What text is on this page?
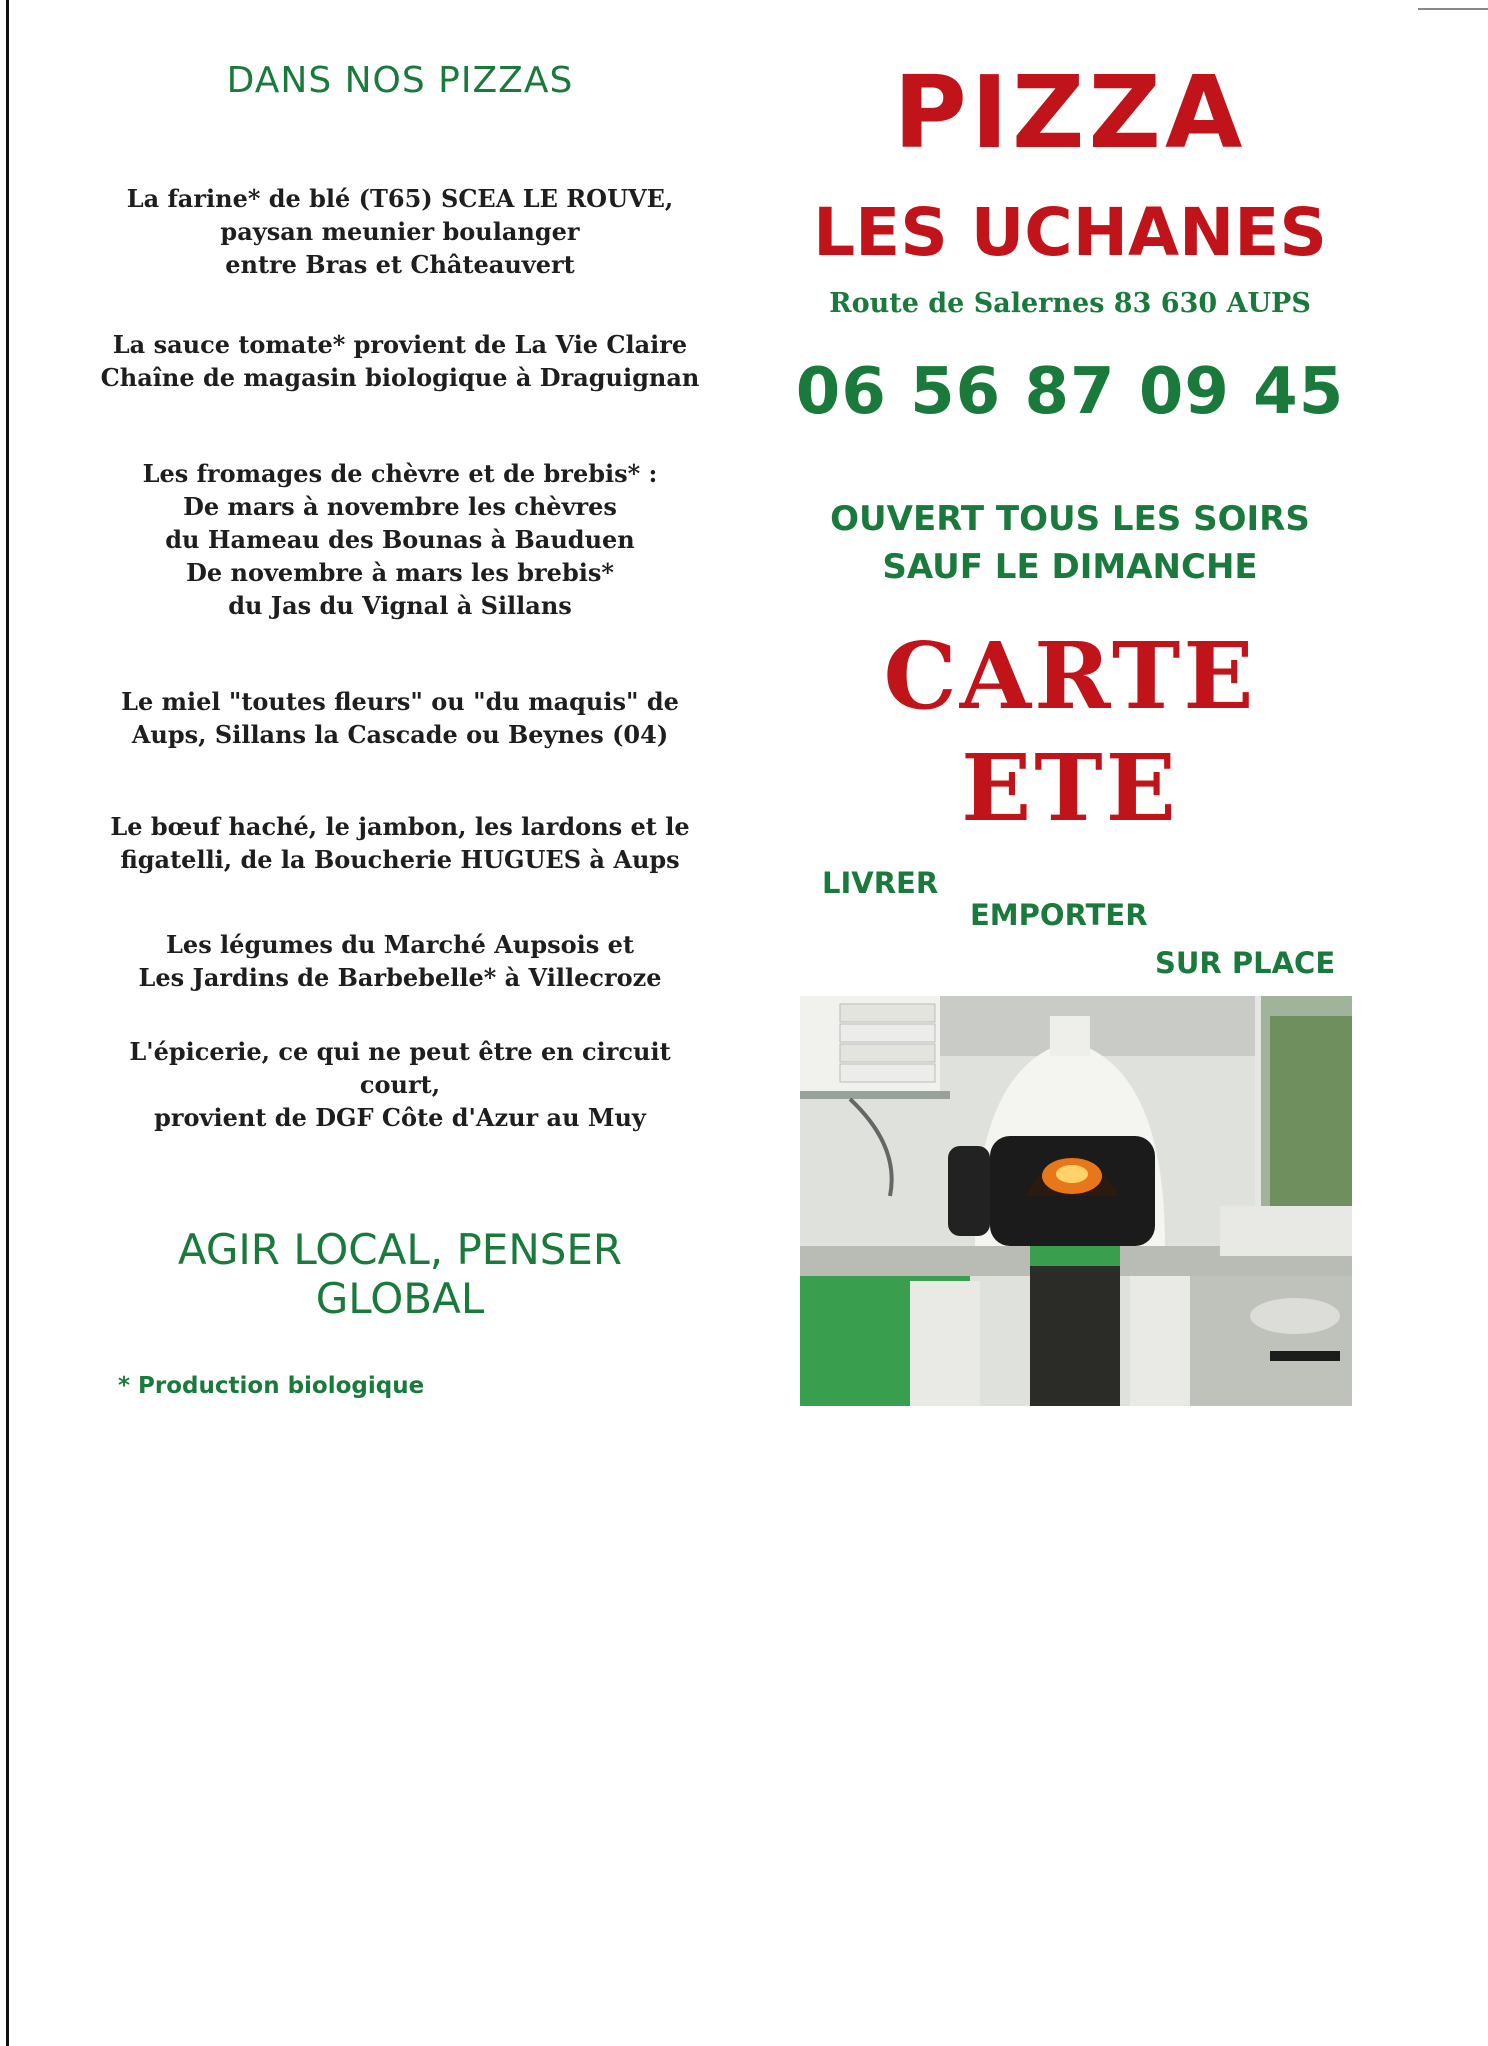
DANS NOS PIZZAS
La farine* de blé (T65) SCEA LE ROUVE,
paysan meunier boulanger
entre Bras et Châteauvert
La sauce tomate* provient de La Vie Claire
Chaîne de magasin biologique à Draguignan
Les fromages de chèvre et de brebis* :
De mars à novembre les chèvres
du Hameau des Bounas à Bauduen
De novembre à mars les brebis*
du Jas du Vignal à Sillans
Le miel "toutes fleurs" ou "du maquis" de
Aups, Sillans la Cascade ou Beynes (04)
Le bœuf haché, le jambon, les lardons et le
figatelli, de la Boucherie HUGUES à Aups
Les légumes du Marché Aupsois et
Les Jardins de Barbebelle* à Villecroze
L'épicerie, ce qui ne peut être en circuit court,
provient de DGF Côte d'Azur au Muy
AGIR LOCAL, PENSER GLOBAL
* Production biologique
PIZZA
LES UCHANES
Route de Salernes 83 630 AUPS
06 56 87 09 45
OUVERT TOUS LES SOIRS
SAUF LE DIMANCHE
CARTE
ETE
LIVRER
EMPORTER
SUR PLACE
